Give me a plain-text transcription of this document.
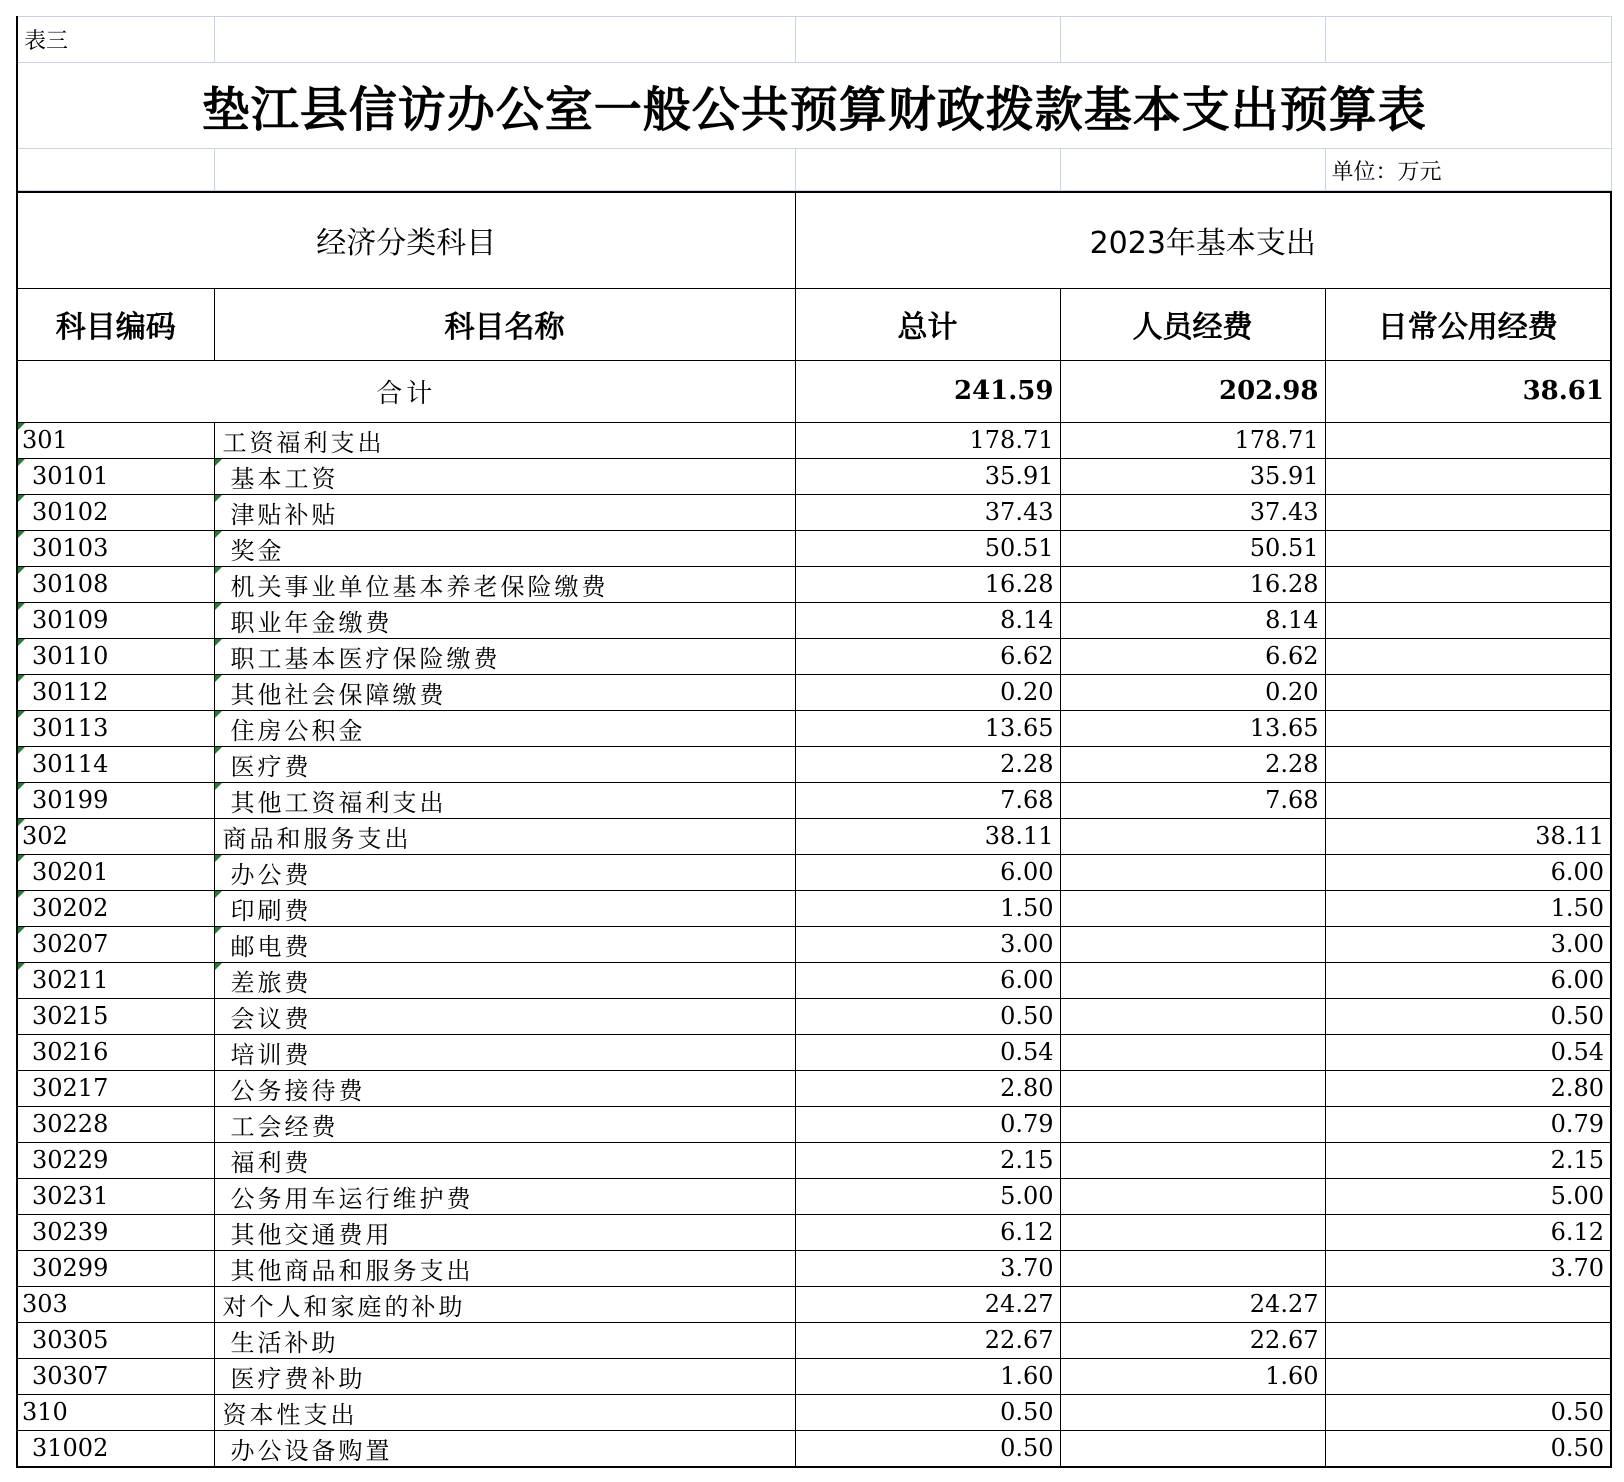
表三				
垫江县信访办公室一般公共预算财政拨款基本支出预算表				
				单位：万元
经济分类科目		2023年基本支出		
科目编码	科目名称	总计	人员经费	日常公用经费
合计		241.59	202.98	38.61
301	工资福利支出	178.71	178.71	
30101	基本工资	35.91	35.91	
30102	津贴补贴	37.43	37.43	
30103	奖金	50.51	50.51	
30108	机关事业单位基本养老保险缴费	16.28	16.28	
30109	职业年金缴费	8.14	8.14	
30110	职工基本医疗保险缴费	6.62	6.62	
30112	其他社会保障缴费	0.20	0.20	
30113	住房公积金	13.65	13.65	
30114	医疗费	2.28	2.28	
30199	其他工资福利支出	7.68	7.68	
302	商品和服务支出	38.11		38.11
30201	办公费	6.00		6.00
30202	印刷费	1.50		1.50
30207	邮电费	3.00		3.00
30211	差旅费	6.00		6.00
30215	会议费	0.50		0.50
30216	培训费	0.54		0.54
30217	公务接待费	2.80		2.80
30228	工会经费	0.79		0.79
30229	福利费	2.15		2.15
30231	公务用车运行维护费	5.00		5.00
30239	其他交通费用	6.12		6.12
30299	其他商品和服务支出	3.70		3.70
303	对个人和家庭的补助	24.27	24.27	
30305	生活补助	22.67	22.67	
30307	医疗费补助	1.60	1.60	
310	资本性支出	0.50		0.50
31002	办公设备购置	0.50		0.50
